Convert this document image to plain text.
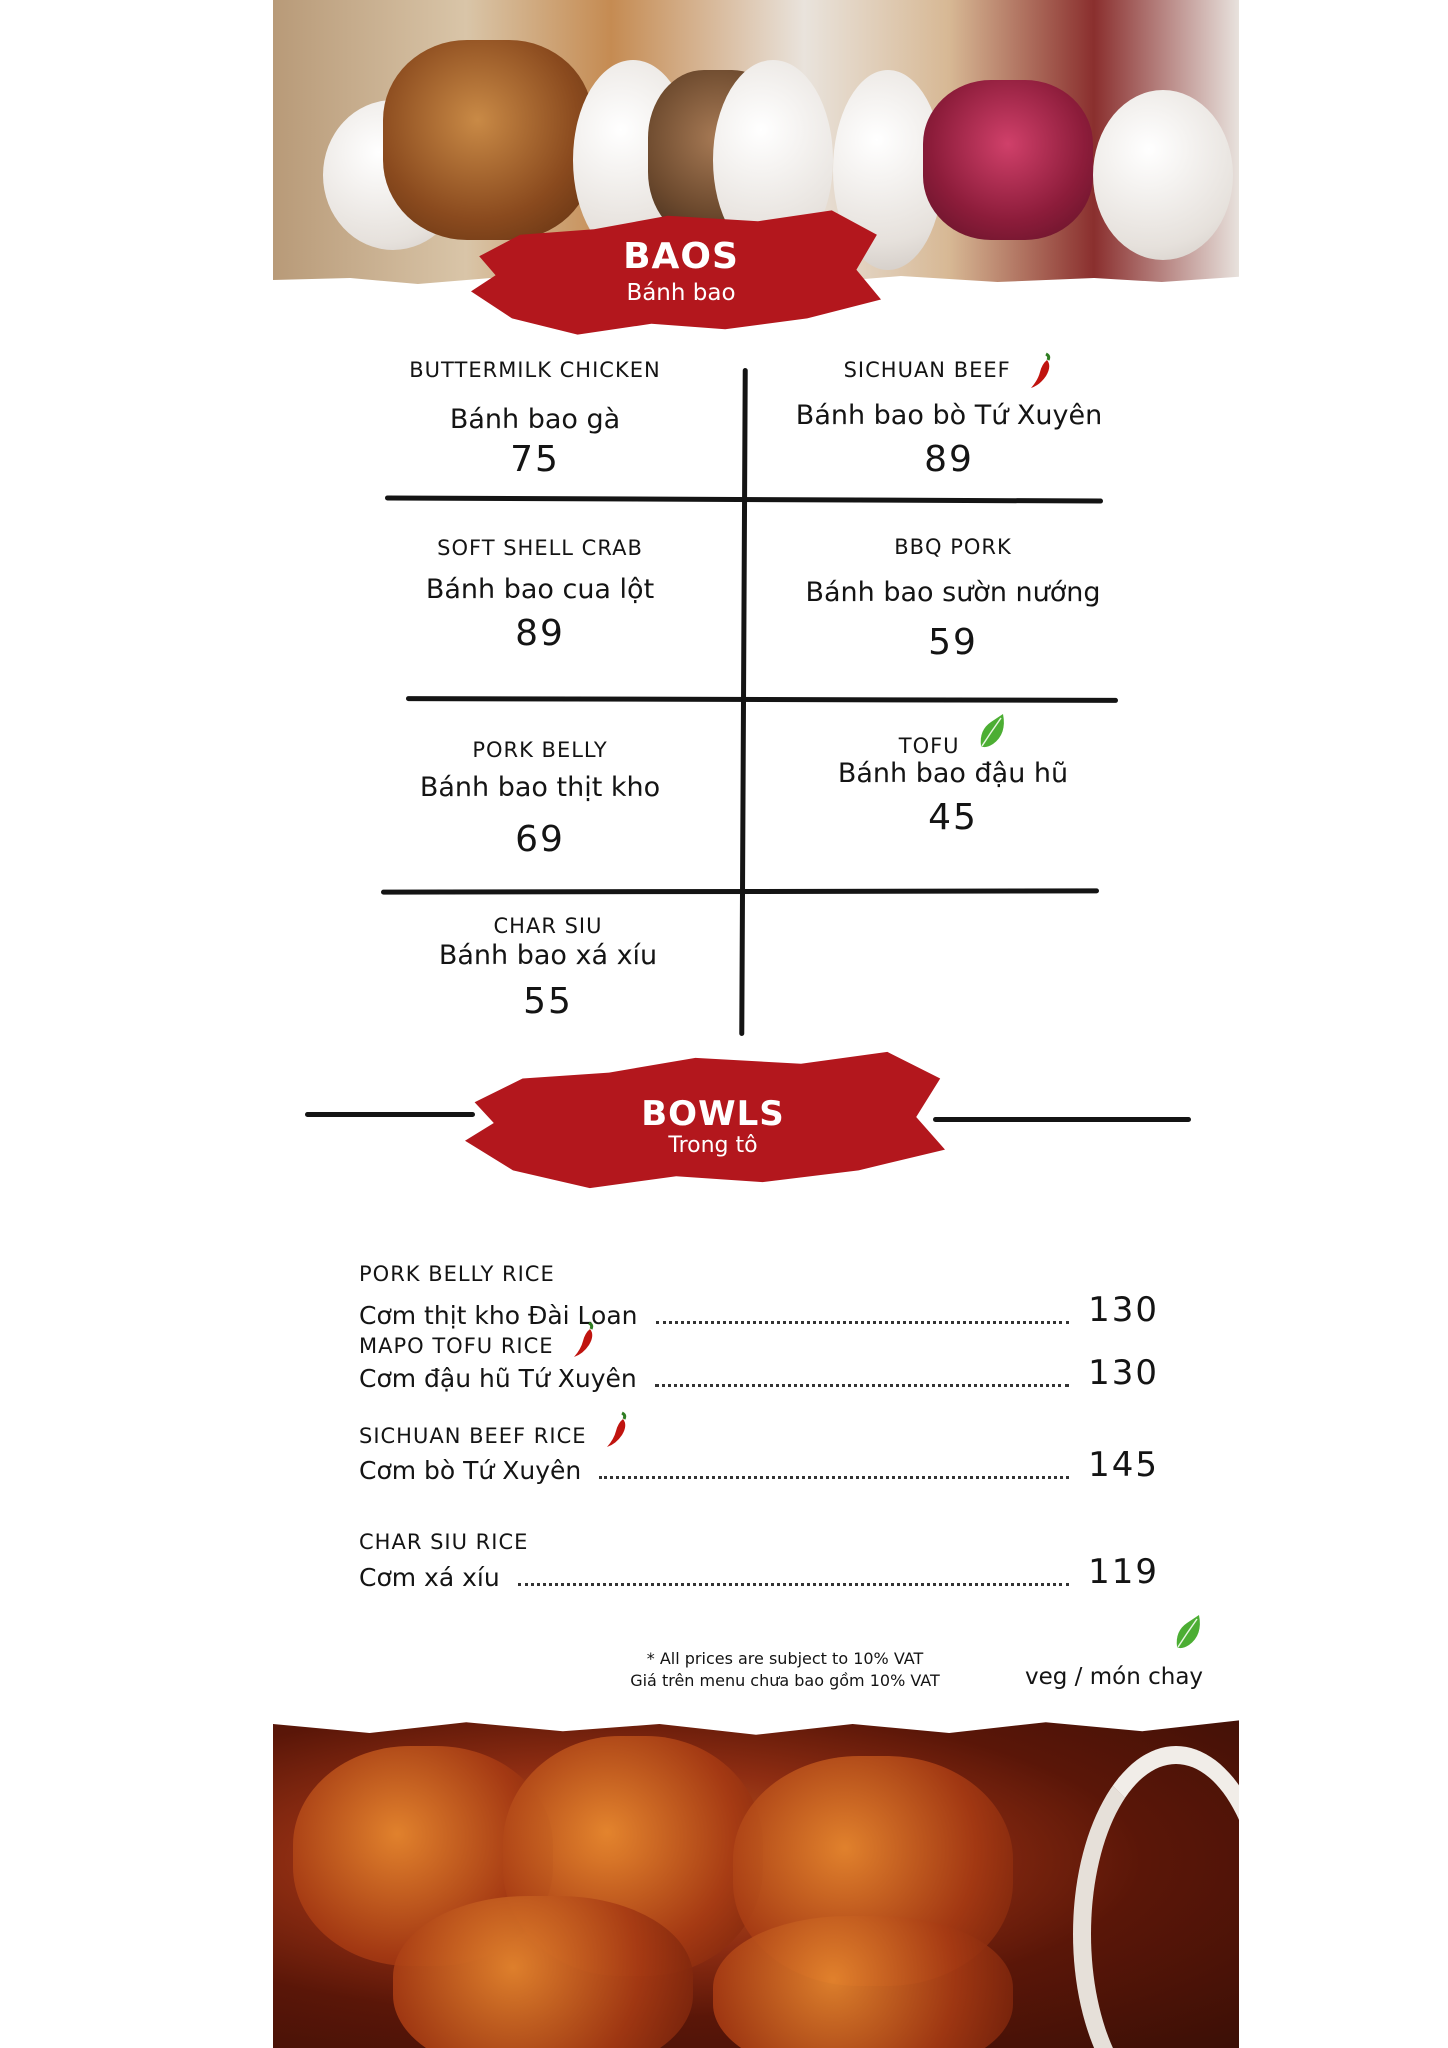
BAOS
Bánh bao
BUTTERMILK CHICKEN
Bánh bao gà
75
SICHUAN BEEF
Bánh bao bò Tứ Xuyên
89
SOFT SHELL CRAB
Bánh bao cua lột
89
BBQ PORK
Bánh bao sườn nướng
59
PORK BELLY
Bánh bao thịt kho
69
TOFU
Bánh bao đậu hũ
45
CHAR SIU
Bánh bao xá xíu
55
BOWLS
Trong tô
PORK BELLY RICE
Cơm thịt kho Đài Loan	130
MAPO TOFU RICE
Cơm đậu hũ Tứ Xuyên	130
SICHUAN BEEF RICE
Cơm bò Tứ Xuyên	145
CHAR SIU RICE
Cơm xá xíu	119
* All prices are subject to 10% VAT
Giá trên menu chưa bao gồm 10% VAT	veg / món chay
